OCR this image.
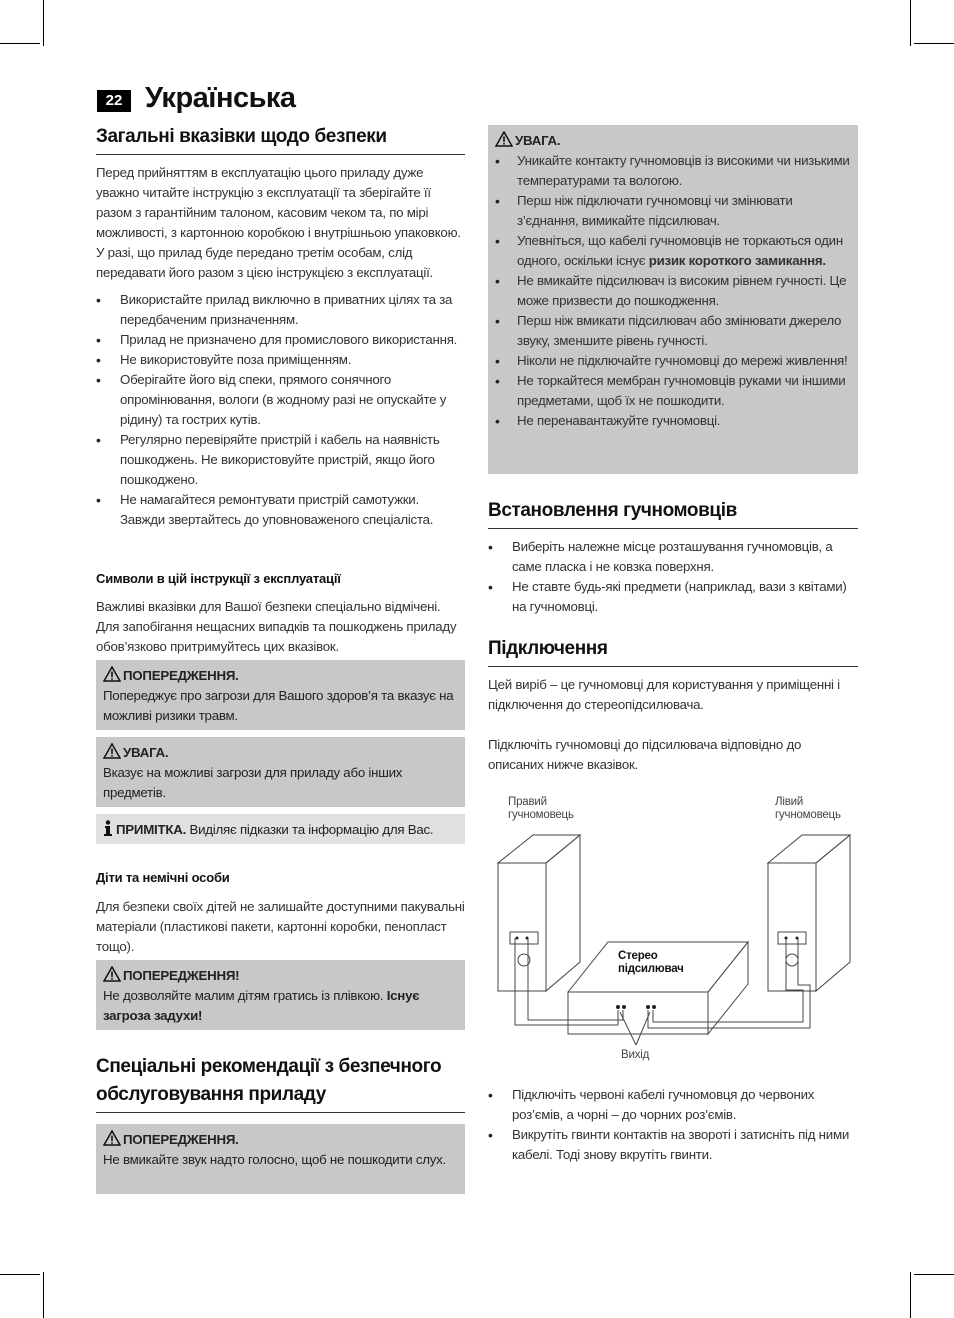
22 Українська
Загальні вказівки щодо безпеки

Перед прийняттям в експлуатацію цього приладу дуже уважно читайте інструкцію з експлуатації та зберігайте її разом з гарантійним талоном, касовим чеком та, по мірі можливості, з картонною коробкою і внутрішньою упаковкою. У разі, що прилад буде передано третім особам, слід передавати його разом з цією інструкцією з експлуатації.

• Використайте прилад виключно в приватних цілях та за передбаченим призначенням.
• Прилад не призначено для промислового використання.
• Не використовуйте поза приміщенням.
• Оберігайте його від спеки, прямого сонячного опромінювання, вологи (в жодному разі не опускайте у рідину) та гострих кутів.
• Регулярно перевіряйте пристрій і кабель на наявність пошкоджень. Не використовуйте пристрій, якщо його пошкоджено.
• Не намагайтеся ремонтувати пристрій самотужки. Завжди звертайтесь до уповноваженого спеціаліста.
Символи в цій інструкції з експлуатації

Важливі вказівки для Вашої безпеки спеціально відмічені. Для запобігання нещасних випадків та пошкоджень приладу обов’язково притримуйтесь цих вказівок.

ПОПЕРЕДЖЕННЯ.
Попереджує про загрози для Вашого здоров’я та вказує на можливі ризики травм.
УВАГА.
Вказує на можливі загрози для приладу або інших предметів.
ПРИМІТКА. Виділяє підказки та інформацію для Вас.
Діти та немічні особи

Для безпеки своїх дітей не залишайте доступними пакувальні матеріали (пластикові пакети, картонні коробки, пенопласт тощо).

ПОПЕРЕДЖЕННЯ!
Не дозволяйте малим дітям гратись із плівкою. Існує загроза задухи!
Спеціальні рекомендації з безпечного обслуговування приладу
ПОПЕРЕДЖЕННЯ.
Не вмикайте звук надто голосно, щоб не пошкодити слух.
УВАГА.
• Уникайте контакту гучномовців із високими чи низькими температурами та вологою.
• Перш ніж підключати гучномовці чи змінювати з’єднання, вимикайте підсилювач.
• Упевніться, що кабелі гучномовців не торкаються один одного, оскільки існує ризик короткого замикання.
• Не вмикайте підсилювач із високим рівнем гучності. Це може призвести до пошкодження.
• Перш ніж вмикати підсилювач або змінювати джерело звуку, зменшите рівень гучності.
• Ніколи не підключайте гучномовці до мережі живлення!
• Не торкайтеся мембран гучномовців руками чи іншими предметами, щоб їх не пошкодити.
• Не перенавантажуйте гучномовці.
Встановлення гучномовців
• Виберіть належне місце розташування гучномовців, а саме пласка і не ковзка поверхня.
• Не ставте будь-які предмети (наприклад, вази з квітами) на гучномовці.
Підключення

Цей виріб – це гучномовці для користування у приміщенні і підключення до стереопідсилювача.

Підключіть гучномовці до підсилювача відповідно до описаних нижче вказівок.

• Підключіть червоні кабелі гучномовця до червоних роз’ємів, а чорні – до чорних роз’ємів.
• Викрутіть гвинти контактів на звороті і затисніть під ними кабелі. Тоді знову вкрутіть гвинти.
Правий
гучномовець
Лівий
гучномовець
Стерео
підсилювач
Вихід
